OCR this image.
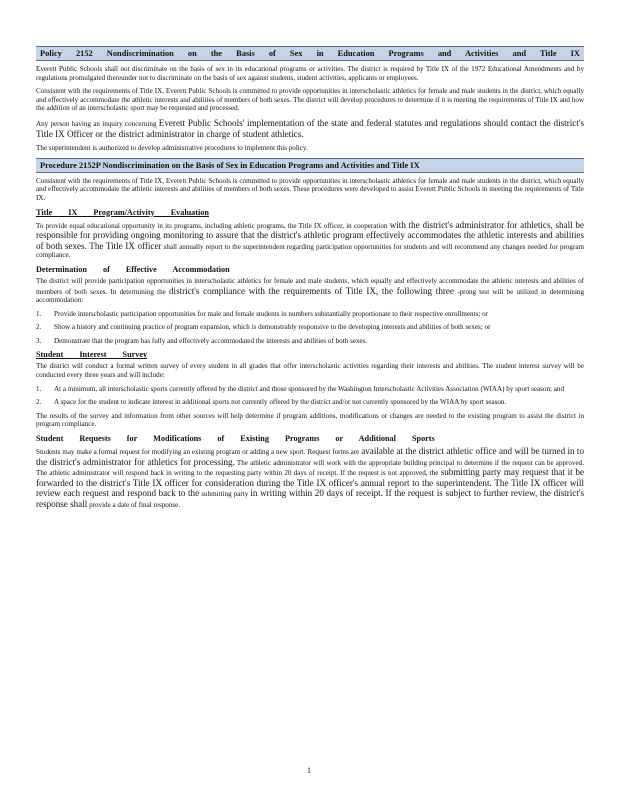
Policy 2152 Nondiscrimination on the Basis of Sex in Education Programs and Activities and Title IX

Everett Public Schools shall not discriminate on the basis of sex in its educational programs or activities. The district is required by Title IX of the 1972 Educational Amendments and by regulations promulgated thereunder not to discriminate on the basis of sex against students, student activities, applicants or employees.

Consistent with the requirements of Title IX, Everett Public Schools is committed to provide opportunities in interscholastic athletics for female and male students in the district, which equally and effectively accommodate the athletic interests and abilities of members of both sexes. The district will develop procedures to determine if it is meeting the requirements of Title IX and how the addition of an interscholastic sport may be requested and processed.

Any person having an inquiry concerning Everett Public Schools' implementation of the state and federal statutes and regulations should contact the district's Title IX Officer or the district administrator in charge of student athletics.

The superintendent is authorized to develop administrative procedures to implement this policy.

Procedure 2152P Nondiscrimination on the Basis of Sex in Education Programs and Activities and Title IX

Consistent with the requirements of Title IX, Everett Public Schools is committed to provide opportunities in interscholastic athletics for female and male students in the district, which equally and effectively accommodate the athletic interests and abilities of members of both sexes. These procedures were developed to assist Everett Public Schools in meeting the requirements of Title IX.

Title IX Program/Activity Evaluation

To provide equal educational opportunity in its programs, including athletic programs, the Title IX officer, in cooperation with the district's administrator for athletics, shall be responsible for providing ongoing monitoring to assure that the district's athletic program effectively accommodates the athletic interests and abilities of both sexes. The Title IX officer shall annually report to the superintendent regarding participation opportunities for students and will recommend any changes needed for program compliance.

Determination of Effective Accommodation

The district will provide participation opportunities in interscholastic athletics for female and male students, which equally and effectively accommodate the athletic interests and abilities of members of both sexes. In determining the district's compliance with the requirements of Title IX, the following three -prong test will be utilized in determining accommodation:

1.	Provide interscholastic participation opportunities for male and female students in numbers substantially proportionate to their respective enrollments; or
2.	Show a history and continuing practice of program expansion, which is demonstrably responsive to the developing interests and abilities of both sexes; or
3.	Demonstrate that the program has fully and effectively accommodated the interests and abilities of both sexes.
Student Interest Survey

The district will conduct a formal written survey of every student in all grades that offer interscholastic activities regarding their interests and abilities. The student interest survey will be conducted every three years and will include:

1.	At a minimum, all interscholastic sports currently offered by the district and those sponsored by the Washington Interscholastic Activities Association (WIAA) by sport season; and
2.	A space for the student to indicate interest in additional sports not currently offered by the district and/or not currently sponsored by the WIAA by sport season.

The results of the survey and information from other sources will help determine if program additions, modifications or changes are needed to the existing program to assist the district in program compliance.

Student Requests for Modifications of Existing Programs or Additional Sports

Students may make a formal request for modifying an existing program or adding a new sport. Request forms are available at the district athletic office and will be turned in to the district's administrator for athletics for processing. The athletic administrator will work with the appropriate building principal to determine if the request can be approved. The athletic administrator will respond back in writing to the requesting party within 20 days of receipt. If the request is not approved, the submitting party may request that it be forwarded to the district's Title IX officer for consideration during the Title IX officer's annual report to the superintendent. The Title IX officer will review each request and respond back to the submitting party in writing within 20 days of receipt. If the request is subject to further review, the district's response shall provide a date of final response.

1
